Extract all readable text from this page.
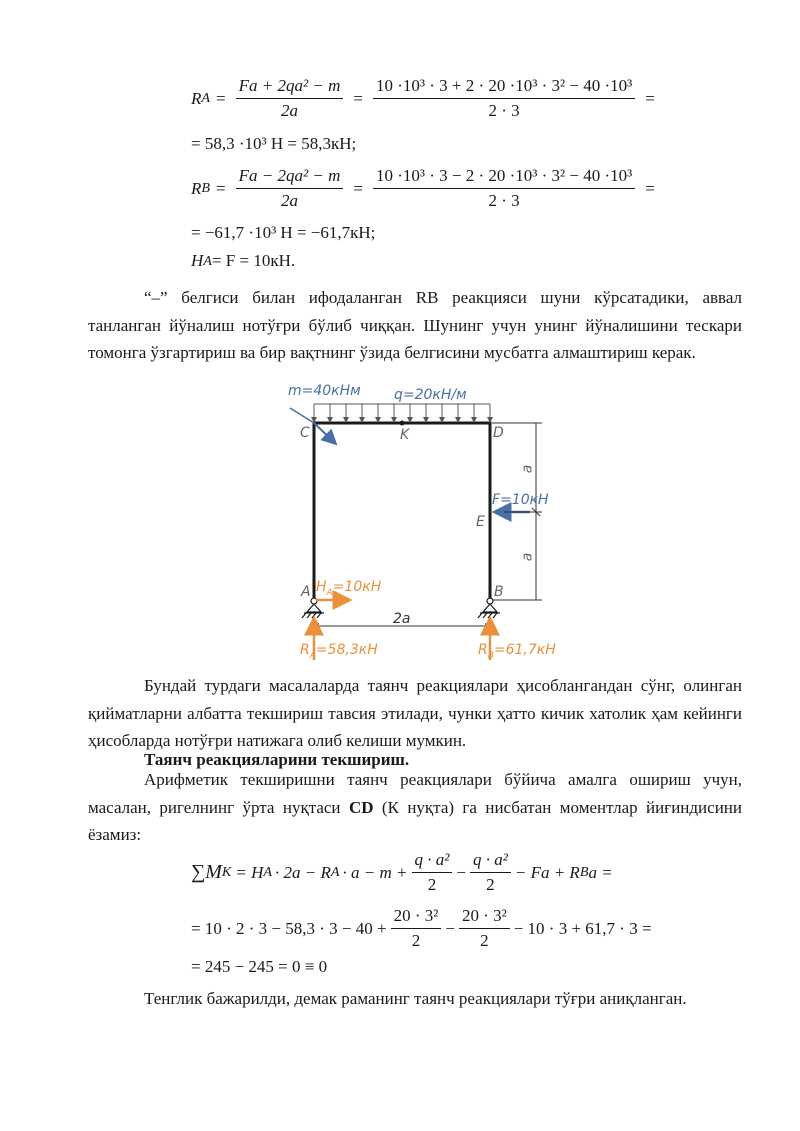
R $A = \frac{\text{Fa + 2qa² − m}}{2a} = \frac{\text{10 ·10³ · 3 + 2 · 20 ·10³ · 3² − 40 ·10³}}{2 \cdot 3}$ =
= 58,3 ·10³ H = 58,3кН;
R $B = \frac{\text{Fa − 2qa² − m}}{2a} = \frac{\text{10 ·10³ · 3 − 2 · 20 ·10³ · 3² − 40 ·10³}}{2 \cdot 3}$ =
= −61,7 ·10³ H = −61,7кН;
H A = F = 10кН.
“–” белгиси билан ифодаланган RB реакцияси шуни кўрсатадики, аввал танланган йўналиш нотўғри бўлиб чиққан. Шунинг учун унинг йўналишини тескари томонга ўзгартириш ва бир вақтнинг ўзида белгисини мусбатга алмаштириш керак.
m=40кНм q=20кН/м
C	K	D
a
F=10кН
E
a
A	B
$H_A=10кН$
2a
$R_A=58,3кН$	$R_B=61,7кН$
Бундай турдаги масалаларда таянч реакциялари ҳисоблангандан сўнг, олинган қийматларни албатта текшириш тавсия этилади, чунки ҳатто кичик хатолик ҳам кейинги ҳисобларда нотўғри натижага олиб келиши мумкин.
Таянч реакцияларини текшириш.
Арифметик текширишни таянч реакциялари бўйича амалга ошириш учун, масалан, ригелнинг ўрта нуқтаси CD (К нуқта) га нисбатан моментлар йиғиндисини ёзамиз:
∑M K = H A · 2a − R $A \cdot a - m + \frac{\text{q · a²}}{2} - \frac{\text{q · a²}}{2} - Fa + R$ B a =
= $10 \cdot 2 \cdot 3 - 58,3 \cdot 3 - 40 + \frac{\text{20 · 3²}}{2} - \frac{\text{20 · 3²}}{2} - 10 \cdot 3 + 61,7 \cdot 3$ =
= 245 − 245 = 0 ≡ 0
Тенглик бажарилди, демак раманинг таянч реакциялари тўғри аниқланган.
